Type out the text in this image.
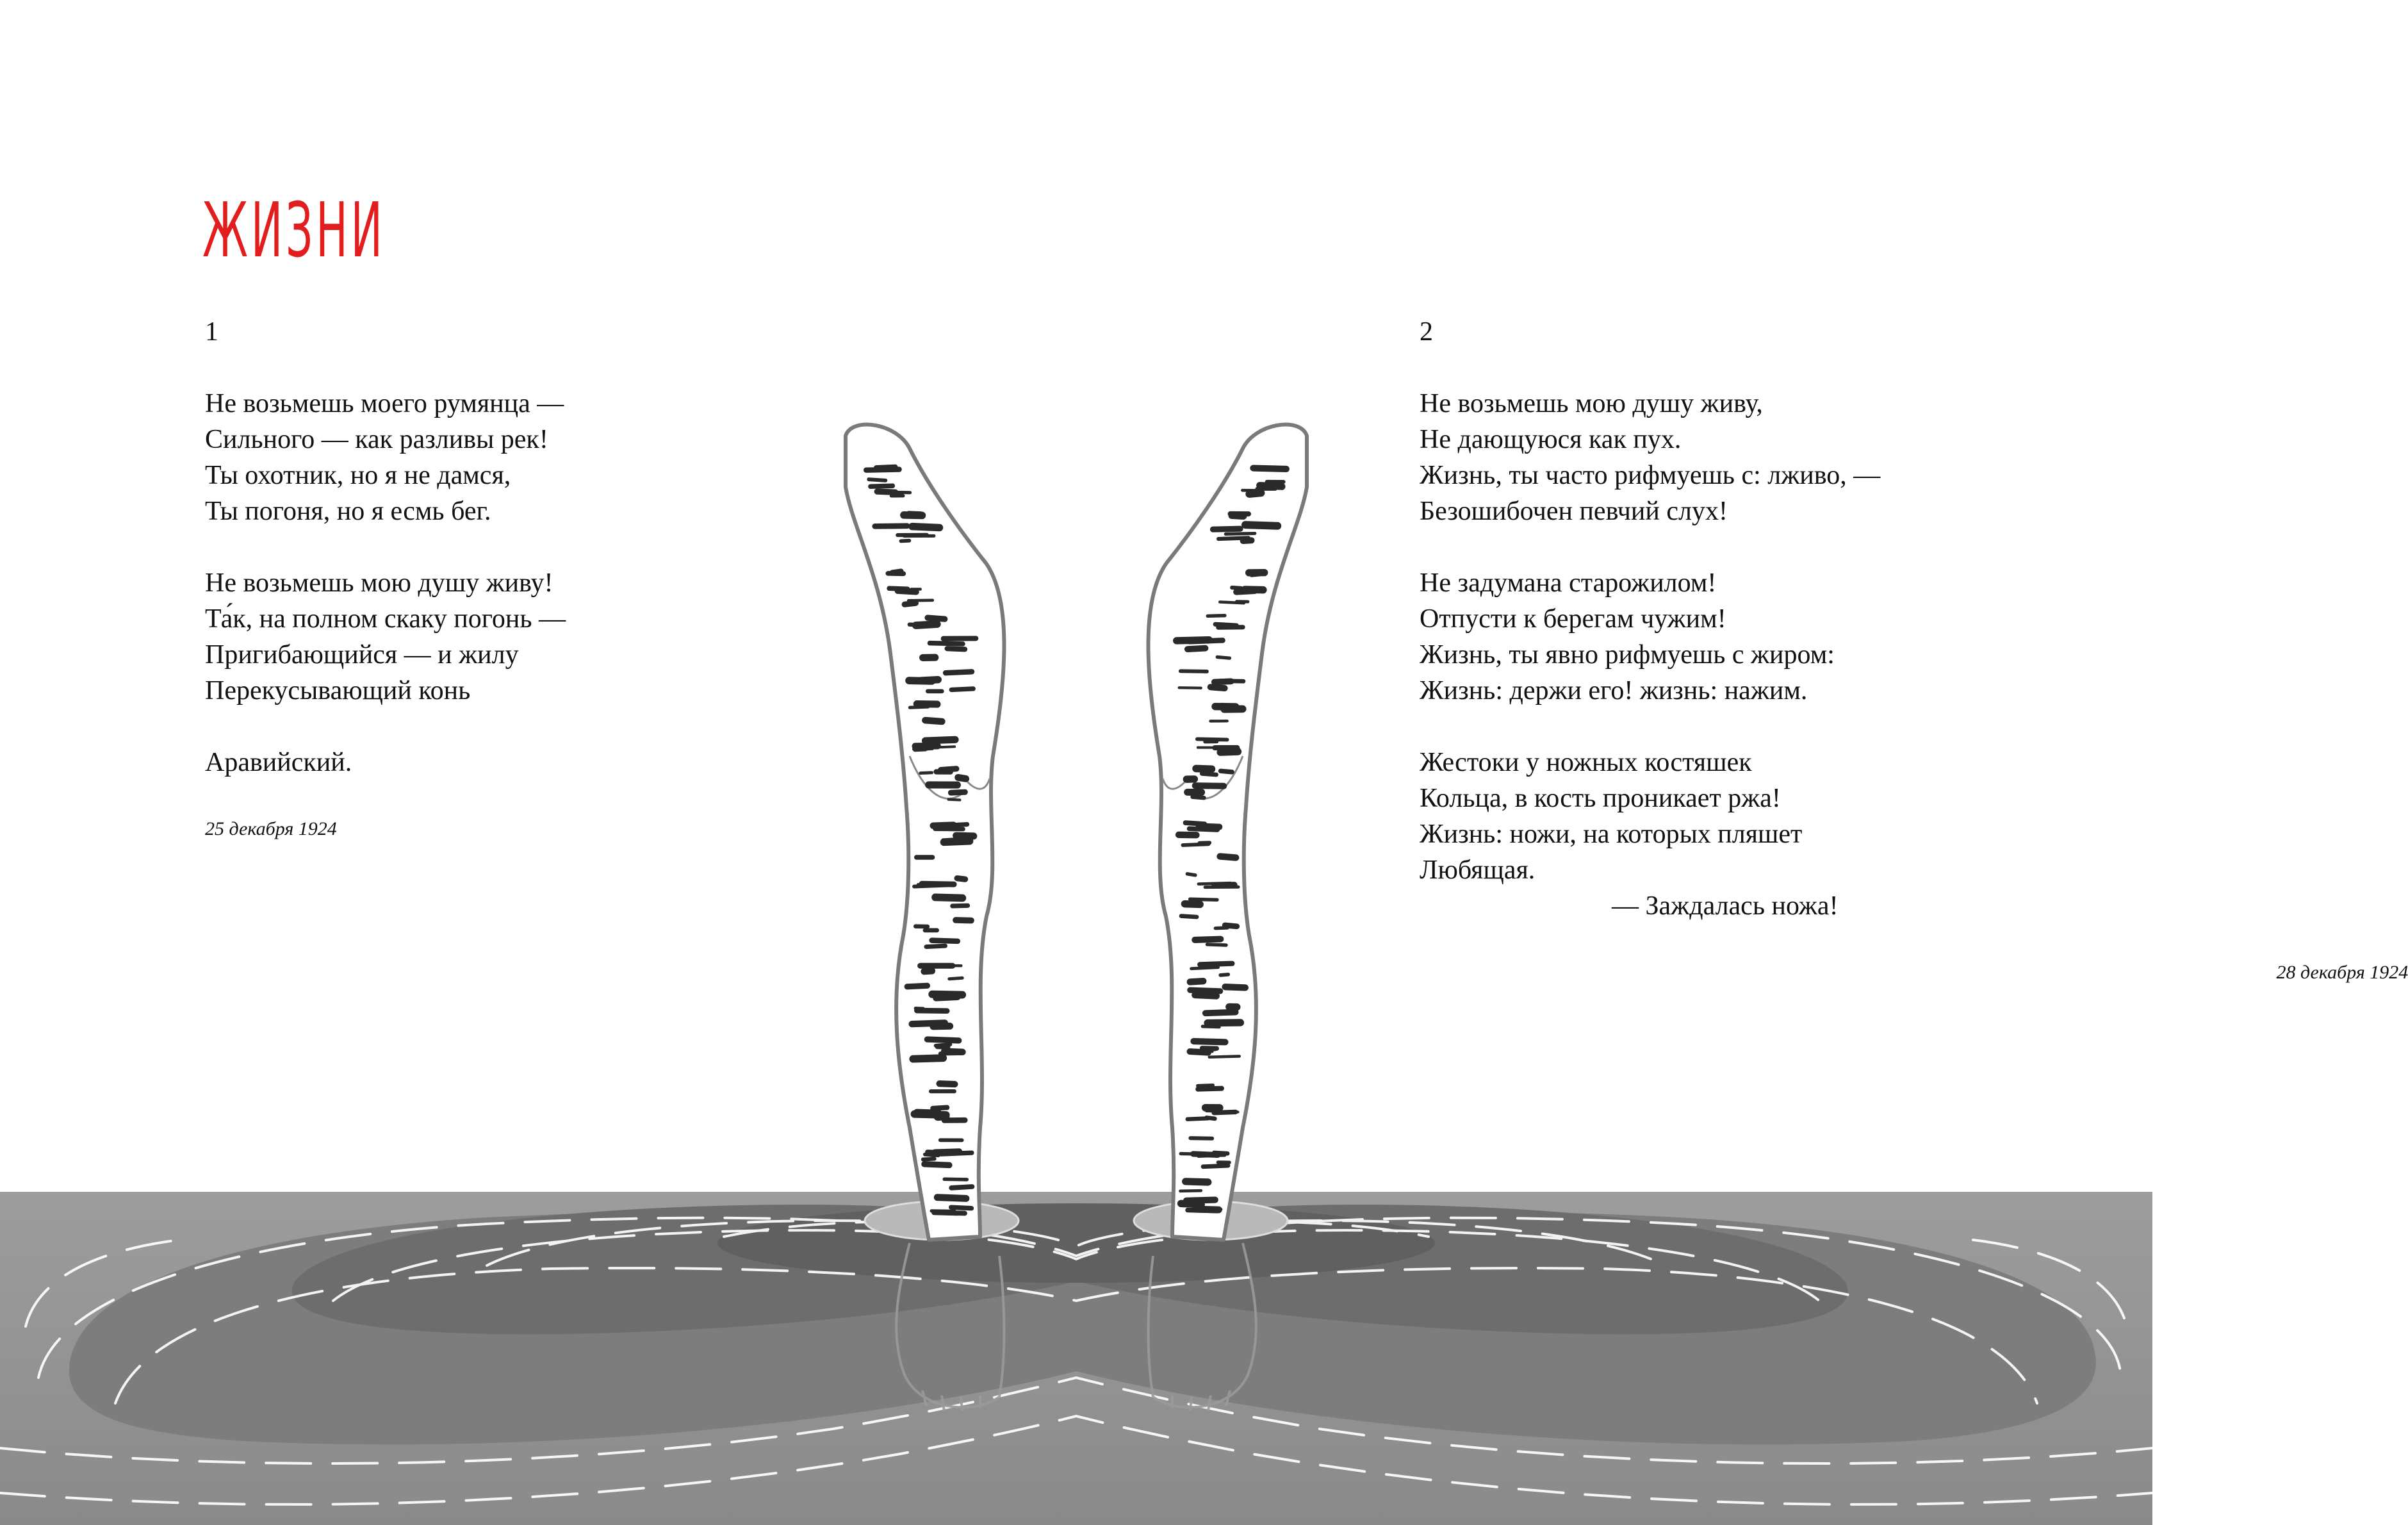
ЖИЗНИ
1
Не возьмешь моего румянца —
Сильного — как разливы рек!
Ты охотник, но я не дамся,
Ты погоня, но я есмь бег.
Не возьмешь мою душу живу!
Та́к, на полном скаку погонь —
Пригибающийся — и жилу
Перекусывающий конь
Аравийский.
25 декабря 1924
2
Не возьмешь мою душу живу,
Не дающуюся как пух.
Жизнь, ты часто рифмуешь с: лживо, —
Безошибочен певчий слух!
Не задумана старожилом!
Отпусти к берегам чужим!
Жизнь, ты явно рифмуешь с жиром:
Жизнь: держи его! жизнь: нажим.
Жестоки у ножных костяшек
Кольца, в кость проникает ржа!
Жизнь: ножи, на которых пляшет
Любящая.
— Заждалась ножа!
28 декабря 1924
